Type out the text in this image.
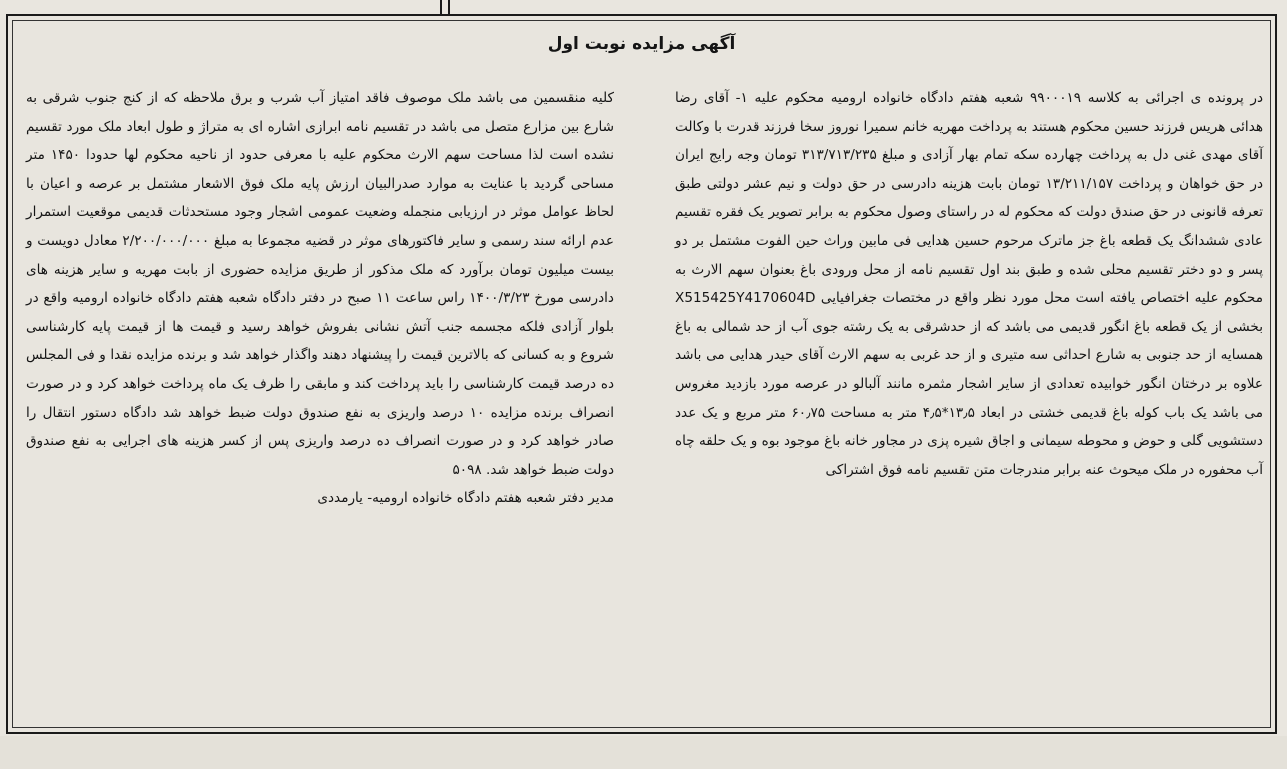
آگهی مزایده نوبت اول

در پرونده ی اجرائی به کلاسه ۹۹۰۰۰۱۹ شعبه هفتم دادگاه خانواده ارومیه محکوم علیه ۱- آقای رضا هدائی هریس فرزند حسین محکوم هستند به پرداخت مهریه خانم سمیرا نوروز سخا فرزند قدرت با وکالت آقای مهدی غنی دل به پرداخت چهارده سکه تمام بهار آزادی و مبلغ ۳۱۳/۷۱۳/۲۳۵ تومان وجه رایج ایران در حق خواهان و پرداخت ۱۳/۲۱۱/۱۵۷ تومان بابت هزینه دادرسی در حق دولت و نیم عشر دولتی طبق تعرفه قانونی در حق صندق دولت که محکوم له در راستای وصول محکوم به برابر تصویر یک فقره تقسیم عادی ششدانگ یک قطعه باغ جز ماترک مرحوم حسین هدایی فی مابین وراث حین الفوت مشتمل بر دو پسر و دو دختر تقسیم محلی شده و طبق بند اول تقسیم نامه از محل ورودی باغ بعنوان سهم الارث به محکوم علیه اختصاص یافته است محل مورد نظر واقع در مختصات جغرافیایی X515425Y4170604D بخشی از یک قطعه باغ انگور قدیمی می باشد که از حدشرقی به یک رشته جوی آب از حد شمالی به باغ همسایه از حد جنوبی به شارع احداثی سه متیری و از حد غربی به سهم الارث آقای حیدر هدایی می باشد علاوه بر درختان انگور خوابیده تعدادی از سایر اشجار مثمره مانند آلبالو در عرصه مورد بازدید مغروس می باشد یک باب کوله باغ قدیمی خشتی در ابعاد ۱۳٫۵*۴٫۵ متر به مساحت ۶۰٫۷۵ متر مربع و یک عدد دستشویی گلی و حوض و محوطه سیمانی و اجاق شیره پزی در مجاور خانه باغ موجود بوه و یک حلقه چاه آب محفوره در ملک میحوث عنه برابر مندرجات متن تقسیم نامه فوق اشتراکی

کلیه منقسمین می باشد ملک موصوف فاقد امتیاز آب شرب و برق ملاحظه که از کنج جنوب شرقی به شارع بین مزارع متصل می باشد در تقسیم نامه ابرازی اشاره ای به متراژ و طول ابعاد ملک مورد تقسیم نشده است لذا مساحت سهم الارث محکوم علیه با معرفی حدود از ناحیه محکوم لها حدودا ۱۴۵۰ متر مساحی گردید با عنایت به موارد صدرالبیان ارزش پایه ملک فوق الاشعار مشتمل بر عرصه و اعیان با لحاظ عوامل موثر در ارزیابی منجمله وضعیت عمومی اشجار وجود مستحدثات قدیمی موقعیت استمرار عدم ارائه سند رسمی و سایر فاکتورهای موثر در قضیه مجموعا به مبلغ ۲/۲۰۰/۰۰۰/۰۰۰ معادل دویست و بیست میلیون تومان برآورد که ملک مذکور از طریق مزایده حضوری از بابت مهریه و سایر هزینه های دادرسی مورخ ۱۴۰۰/۳/۲۳ راس ساعت ۱۱ صبح در دفتر دادگاه شعبه هفتم دادگاه خانواده ارومیه واقع در بلوار آزادی فلکه مجسمه جنب آتش نشانی بفروش خواهد رسید و قیمت ها از قیمت پایه کارشناسی شروع و به کسانی که بالاترین قیمت را پیشنهاد دهند واگذار خواهد شد و برنده مزایده نقدا و فی المجلس ده درصد قیمت کارشناسی را باید پرداخت کند و مابقی را ظرف یک ماه پرداخت خواهد کرد و در صورت انصراف برنده مزایده ۱۰ درصد واریزی به نفع صندوق دولت ضبط خواهد شد دادگاه دستور انتقال را صادر خواهد کرد و در صورت انصراف ده درصد واریزی پس از کسر هزینه های اجرایی به نفع صندوق دولت ضبط خواهد شد. ۵۰۹۸

مدیر دفتر شعبه هفتم دادگاه خانواده ارومیه- یارمددی
